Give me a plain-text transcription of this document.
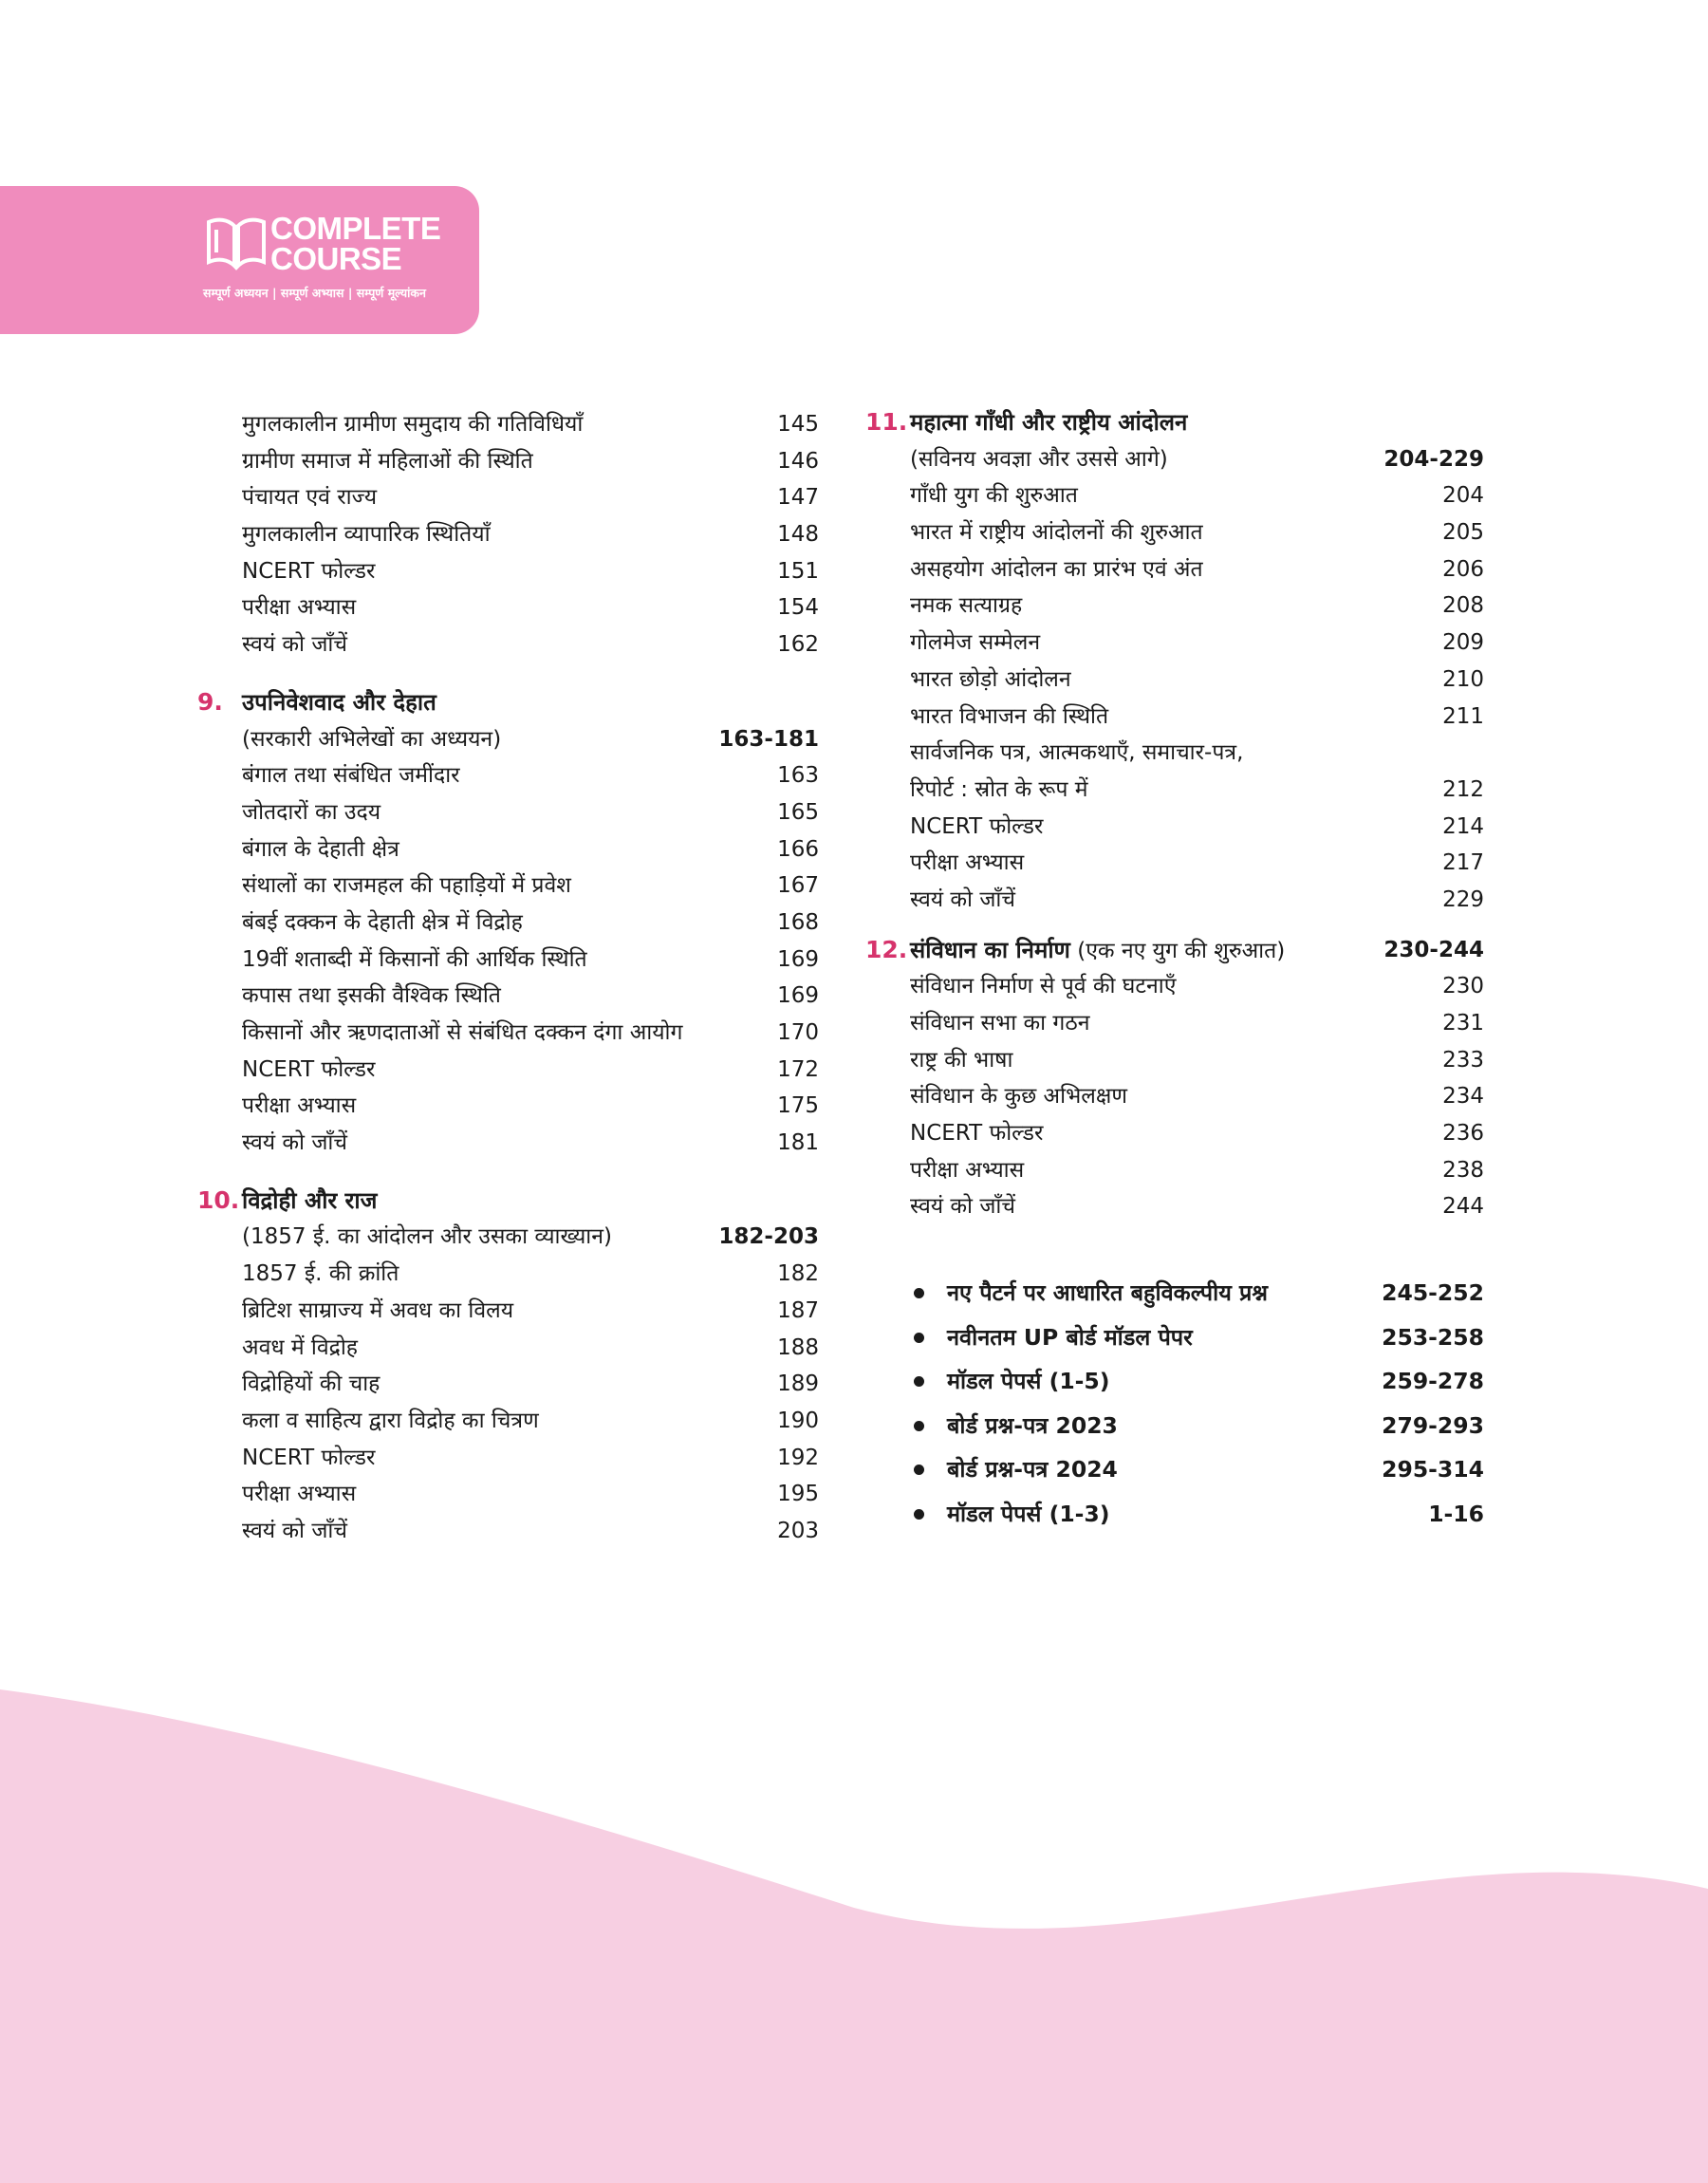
COMPLETE
COURSE
सम्पूर्ण अध्ययन | सम्पूर्ण अभ्यास | सम्पूर्ण मूल्यांकन
मुगलकालीन ग्रामीण समुदाय की गतिविधियाँ	145
ग्रामीण समाज में महिलाओं की स्थिति	146
पंचायत एवं राज्य	147
मुगलकालीन व्यापारिक स्थितियाँ	148
NCERT फोल्डर	151
परीक्षा अभ्यास	154
स्वयं को जाँचें	162
9. उपनिवेशवाद और देहात
(सरकारी अभिलेखों का अध्ययन)	163-181
बंगाल तथा संबंधित जमींदार	163
जोतदारों का उदय	165
बंगाल के देहाती क्षेत्र	166
संथालों का राजमहल की पहाड़ियों में प्रवेश	167
बंबई दक्कन के देहाती क्षेत्र में विद्रोह	168
19वीं शताब्दी में किसानों की आर्थिक स्थिति	169
कपास तथा इसकी वैश्विक स्थिति	169
किसानों और ऋणदाताओं से संबंधित दक्कन दंगा आयोग	170
NCERT फोल्डर	172
परीक्षा अभ्यास	175
स्वयं को जाँचें	181
10. विद्रोही और राज
(1857 ई. का आंदोलन और उसका व्याख्यान)	182-203
1857 ई. की क्रांति	182
ब्रिटिश साम्राज्य में अवध का विलय	187
अवध में विद्रोह	188
विद्रोहियों की चाह	189
कला व साहित्य द्वारा विद्रोह का चित्रण	190
NCERT फोल्डर	192
परीक्षा अभ्यास	195
स्वयं को जाँचें	203
11. महात्मा गाँधी और राष्ट्रीय आंदोलन
(सविनय अवज्ञा और उससे आगे)	204-229
गाँधी युग की शुरुआत	204
भारत में राष्ट्रीय आंदोलनों की शुरुआत	205
असहयोग आंदोलन का प्रारंभ एवं अंत	206
नमक सत्याग्रह	208
गोलमेज सम्मेलन	209
भारत छोड़ो आंदोलन	210
भारत विभाजन की स्थिति	211
सार्वजनिक पत्र, आत्मकथाएँ, समाचार-पत्र,
रिपोर्ट : स्रोत के रूप में	212
NCERT फोल्डर	214
परीक्षा अभ्यास	217
स्वयं को जाँचें	229
12. संविधान का निर्माण (एक नए युग की शुरुआत)	230-244
संविधान निर्माण से पूर्व की घटनाएँ	230
संविधान सभा का गठन	231
राष्ट्र की भाषा	233
संविधान के कुछ अभिलक्षण	234
NCERT फोल्डर	236
परीक्षा अभ्यास	238
स्वयं को जाँचें	244
नए पैटर्न पर आधारित बहुविकल्पीय प्रश्न	245-252
नवीनतम UP बोर्ड मॉडल पेपर	253-258
मॉडल पेपर्स (1-5)	259-278
बोर्ड प्रश्न-पत्र 2023	279-293
बोर्ड प्रश्न-पत्र 2024	295-314
मॉडल पेपर्स (1-3)	1-16
